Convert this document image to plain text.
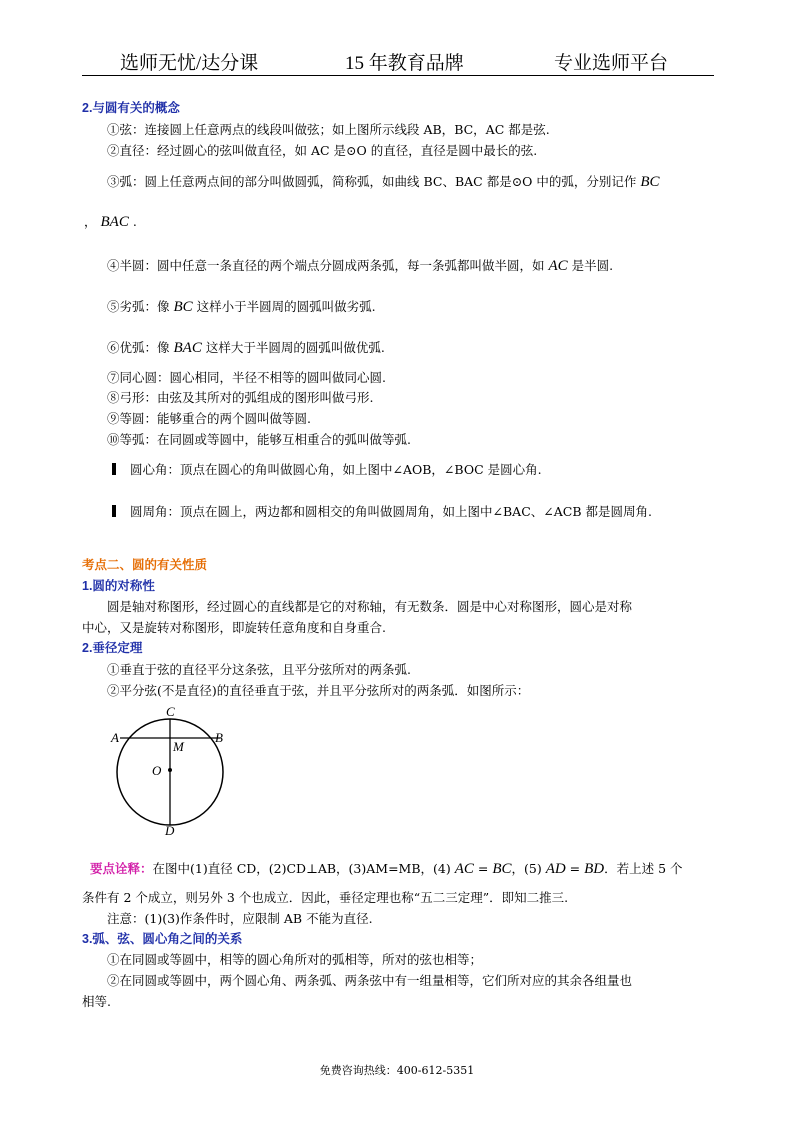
选师无忧/达分课	15 年教育品牌	专业选师平台
2.与圆有关的概念
①弦：连接圆上任意两点的线段叫做弦；如上图所示线段 AB，BC，AC 都是弦.
②直径：经过圆心的弦叫做直径，如 AC 是⊙O 的直径，直径是圆中最长的弦.
③弧：圆上任意两点间的部分叫做圆弧，简称弧，如曲线 BC、BAC 都是⊙O 中的弧，分别记作 BC
， BAC .
④半圆：圆中任意一条直径的两个端点分圆成两条弧，每一条弧都叫做半圆，如 AC 是半圆.
⑤劣弧：像 BC 这样小于半圆周的圆弧叫做劣弧.
⑥优弧：像 BAC 这样大于半圆周的圆弧叫做优弧.
⑦同心圆：圆心相同，半径不相等的圆叫做同心圆.
⑧弓形：由弦及其所对的弧组成的图形叫做弓形.
⑨等圆：能够重合的两个圆叫做等圆.
⑩等弧：在同圆或等圆中，能够互相重合的弧叫做等弧.
圆心角：顶点在圆心的角叫做圆心角，如上图中∠AOB，∠BOC 是圆心角.
圆周角：顶点在圆上，两边都和圆相交的角叫做圆周角，如上图中∠BAC、∠ACB 都是圆周角.
考点二、圆的有关性质
1.圆的对称性
圆是轴对称图形，经过圆心的直线都是它的对称轴，有无数条．圆是中心对称图形，圆心是对称
中心，又是旋转对称图形，即旋转任意角度和自身重合.
2.垂径定理
①垂直于弦的直径平分这条弦，且平分弦所对的两条弧.
②平分弦(不是直径)的直径垂直于弦，并且平分弦所对的两条弧．如图所示：
C
A	B
M
O
D
要点诠释：在图中(1)直径 CD，(2)CD⊥AB，(3)AM=MB，(4) AC = BC，(5) AD = BD．若上述 5 个
条件有 2 个成立，则另外 3 个也成立．因此，垂径定理也称“五二三定理”．即知二推三.
注意：(1)(3)作条件时，应限制 AB 不能为直径.
3.弧、弦、圆心角之间的关系
①在同圆或等圆中，相等的圆心角所对的弧相等，所对的弦也相等；
②在同圆或等圆中，两个圆心角、两条弧、两条弦中有一组量相等，它们所对应的其余各组量也
相等.
免费咨询热线：400-612-5351
